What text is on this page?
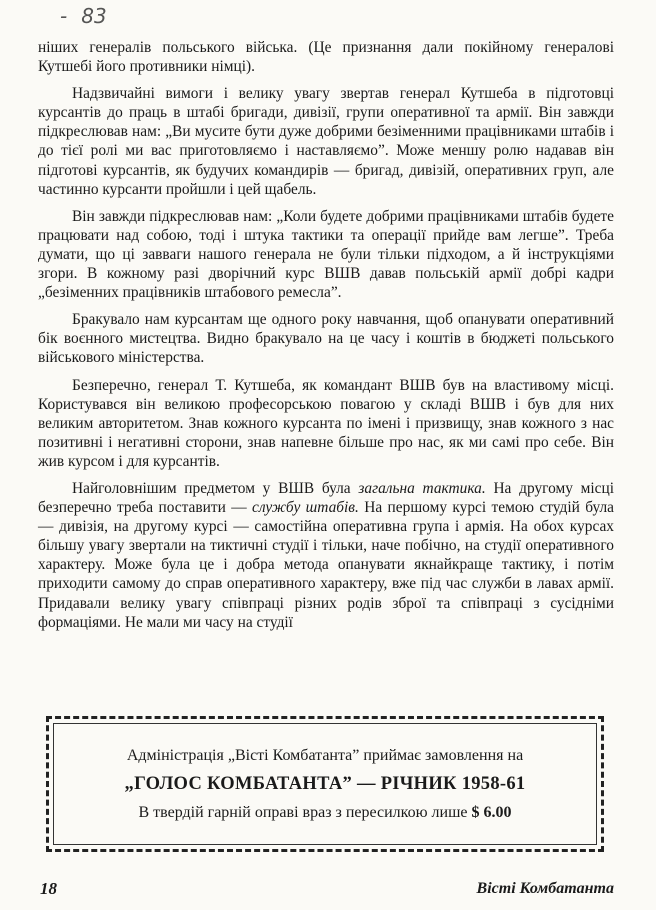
- 83

ніших генералів польського війська. (Це признання дали покійному генералові Кутшебі його противники німці).

Надзвичайні вимоги і велику увагу звертав генерал Кутшеба в підготовці курсантів до праць в штабі бригади, дивізії, групи оперативної та армії. Він завжди підкреслював нам: „Ви мусите бути дуже добрими безіменними працівниками штабів і до тієї ролі ми вас приготовляємо і наставляємо”. Може меншу ролю надавав він підготові курсантів, як будучих командирів — бригад, дивізій, оперативних груп, але частинно курсанти пройшли і цей щабель.

Він завжди підкреслював нам: „Коли будете добрими працівниками штабів будете працювати над собою, тоді і штука тактики та операції прийде вам легше”. Треба думати, що ці завваги нашого генерала не були тільки підходом, а й інструкціями згори. В кожному разі дворічний курс ВШВ давав польській армії добрі кадри „безіменних працівників штабового ремесла”.

Бракувало нам курсантам ще одного року навчання, щоб опанувати оперативний бік воєнного мистецтва. Видно бракувало на це часу і коштів в бюджеті польського військового міністерства.

Безперечно, генерал Т. Кутшеба, як командант ВШВ був на властивому місці. Користувався він великою професорською повагою у складі ВШВ і був для них великим авторитетом. Знав кожного курсанта по імені і призвищу, знав кожного з нас позитивні і негативні сторони, знав напевне більше про нас, як ми самі про себе. Він жив курсом і для курсантів.

Найголовнішим предметом у ВШВ була загальна тактика. На другому місці безперечно треба поставити — службу штабів. На першому курсі темою студій була — дивізія, на другому курсі — самостійна оперативна група і армія. На обох курсах більшу увагу звертали на тиктичні студії і тільки, наче побічно, на студії оперативного характеру. Може була це і добра метода опанувати якнайкраще тактику, і потім приходити самому до справ оперативного характеру, вже під час служби в лавах армії. Придавали велику увагу співпраці різних родів зброї та співпраці з сусідніми формаціями. Не мали ми часу на студії

Адміністрація „Вісті Комбатанта” приймає замовлення на
„ГОЛОС КОМБАТАНТА” — РІЧНИК 1958-61
В твердій гарній оправі враз з пересилкою лише $ 6.00
18	Вісті Комбатанта
